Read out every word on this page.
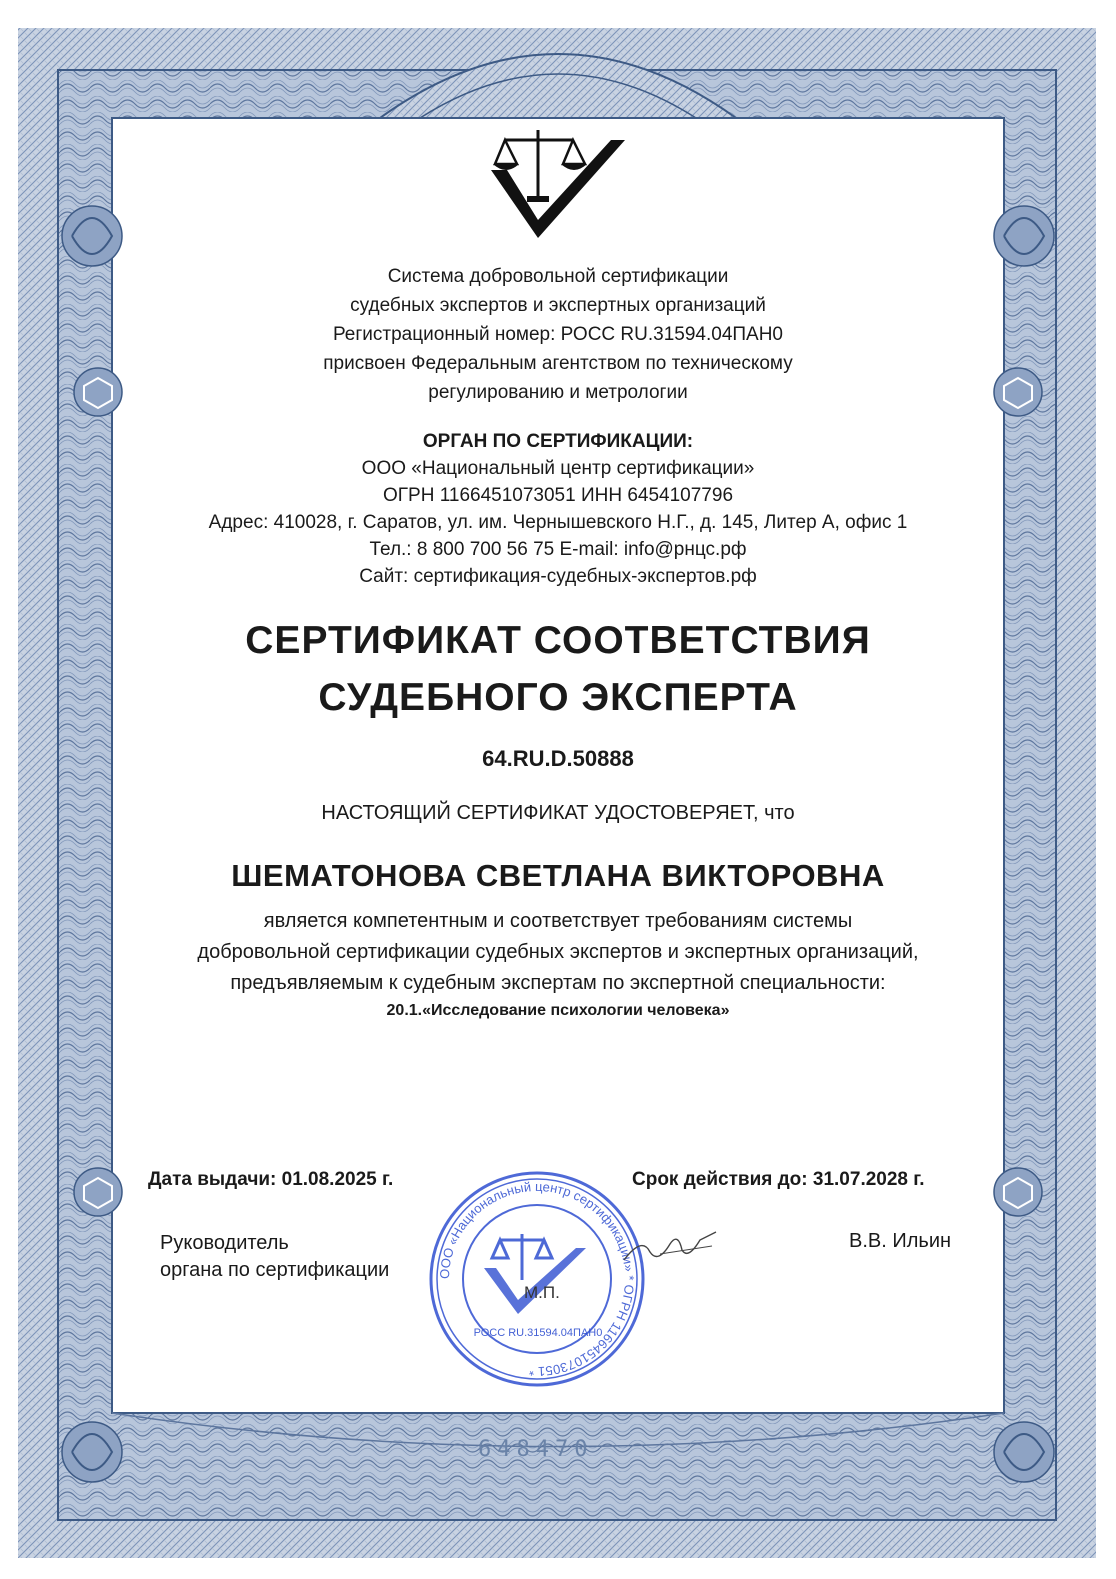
Система добровольной сертификации
судебных экспертов и экспертных организаций
Регистрационный номер: РОСС RU.31594.04ПАН0
присвоен Федеральным агентством по техническому
регулированию и метрологии
ОРГАН ПО СЕРТИФИКАЦИИ:
ООО «Национальный центр сертификации»
ОГРН 1166451073051 ИНН 6454107796
Адрес: 410028, г. Саратов, ул. им. Чернышевского Н.Г., д. 145, Литер А, офис 1
Тел.: 8 800 700 56 75 E-mail: info@рнцс.рф
Сайт: сертификация-судебных-экспертов.рф
СЕРТИФИКАТ СООТВЕТСТВИЯ
СУДЕБНОГО ЭКСПЕРТА
64.RU.D.50888
НАСТОЯЩИЙ СЕРТИФИКАТ УДОСТОВЕРЯЕТ, что
ШЕМАТОНОВА СВЕТЛАНА ВИКТОРОВНА
является компетентным и соответствует требованиям системы
добровольной сертификации судебных экспертов и экспертных организаций,
предъявляемым к судебным экспертам по экспертной специальности:
20.1.«Исследование психологии человека»
Дата выдачи: 01.08.2025 г.	Срок действия до: 31.07.2028 г.
Руководитель
органа по сертификации	ООО «Национальный центр сертификации» * ОГРН 1166451073051 *
РОСС RU.31594.04ПАН0
М.П.
В.В. Ильин
648470
